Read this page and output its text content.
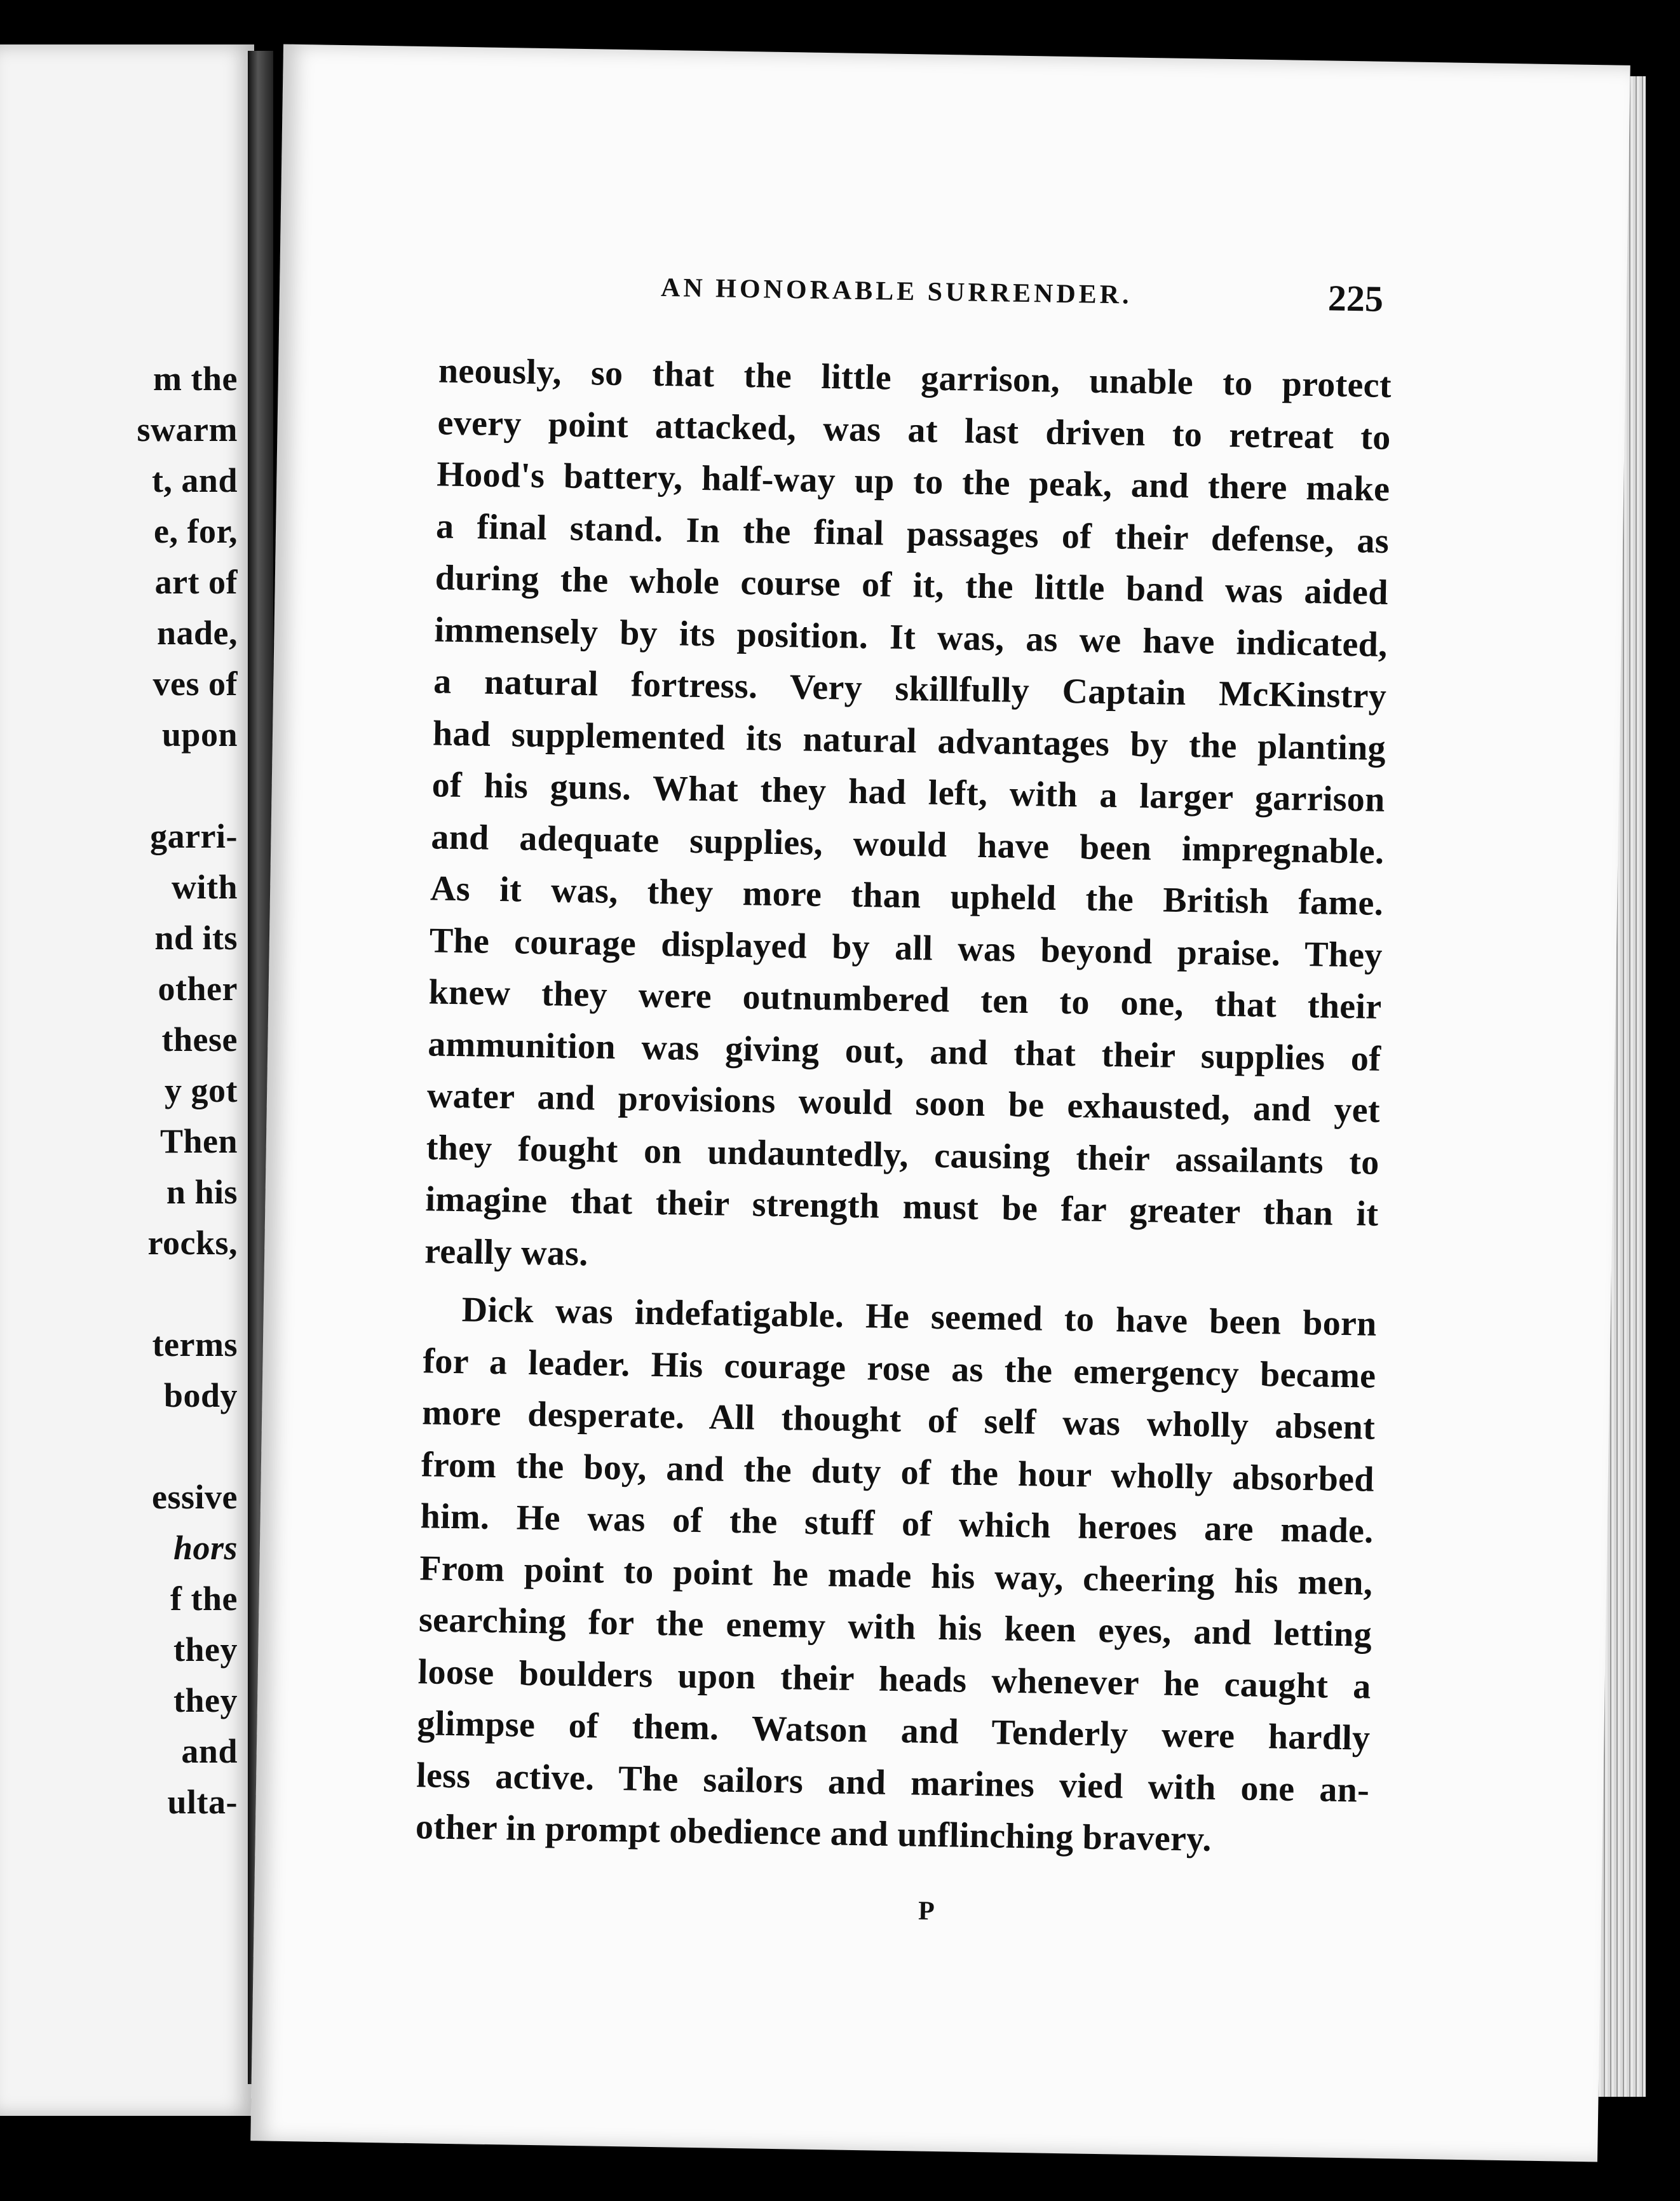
m the
swarm
t, and
e, for,
art of
nade,
ves of
upon
garri-
with
nd its
other
these
y got
Then
n his
rocks,
terms
body
essive
hors
f the
they
they
and
ulta-
AN HONORABLE SURRENDER.	225
neously, so that the little garrison, unable to protect
every point attacked, was at last driven to retreat to
Hood's battery, half-way up to the peak, and there make
a final stand. In the final passages of their defense, as
during the whole course of it, the little band was aided
immensely by its position. It was, as we have indicated,
a natural fortress. Very skillfully Captain McKinstry
had supplemented its natural advantages by the planting
of his guns. What they had left, with a larger garrison
and adequate supplies, would have been impregnable.
As it was, they more than upheld the British fame.
The courage displayed by all was beyond praise. They
knew they were outnumbered ten to one, that their
ammunition was giving out, and that their supplies of
water and provisions would soon be exhausted, and yet
they fought on undauntedly, causing their assailants to
imagine that their strength must be far greater than it
really was.
Dick was indefatigable. He seemed to have been born
for a leader. His courage rose as the emergency became
more desperate. All thought of self was wholly absent
from the boy, and the duty of the hour wholly absorbed
him. He was of the stuff of which heroes are made.
From point to point he made his way, cheering his men,
searching for the enemy with his keen eyes, and letting
loose boulders upon their heads whenever he caught a
glimpse of them. Watson and Tenderly were hardly
less active. The sailors and marines vied with one an-
other in prompt obedience and unflinching bravery.
P
